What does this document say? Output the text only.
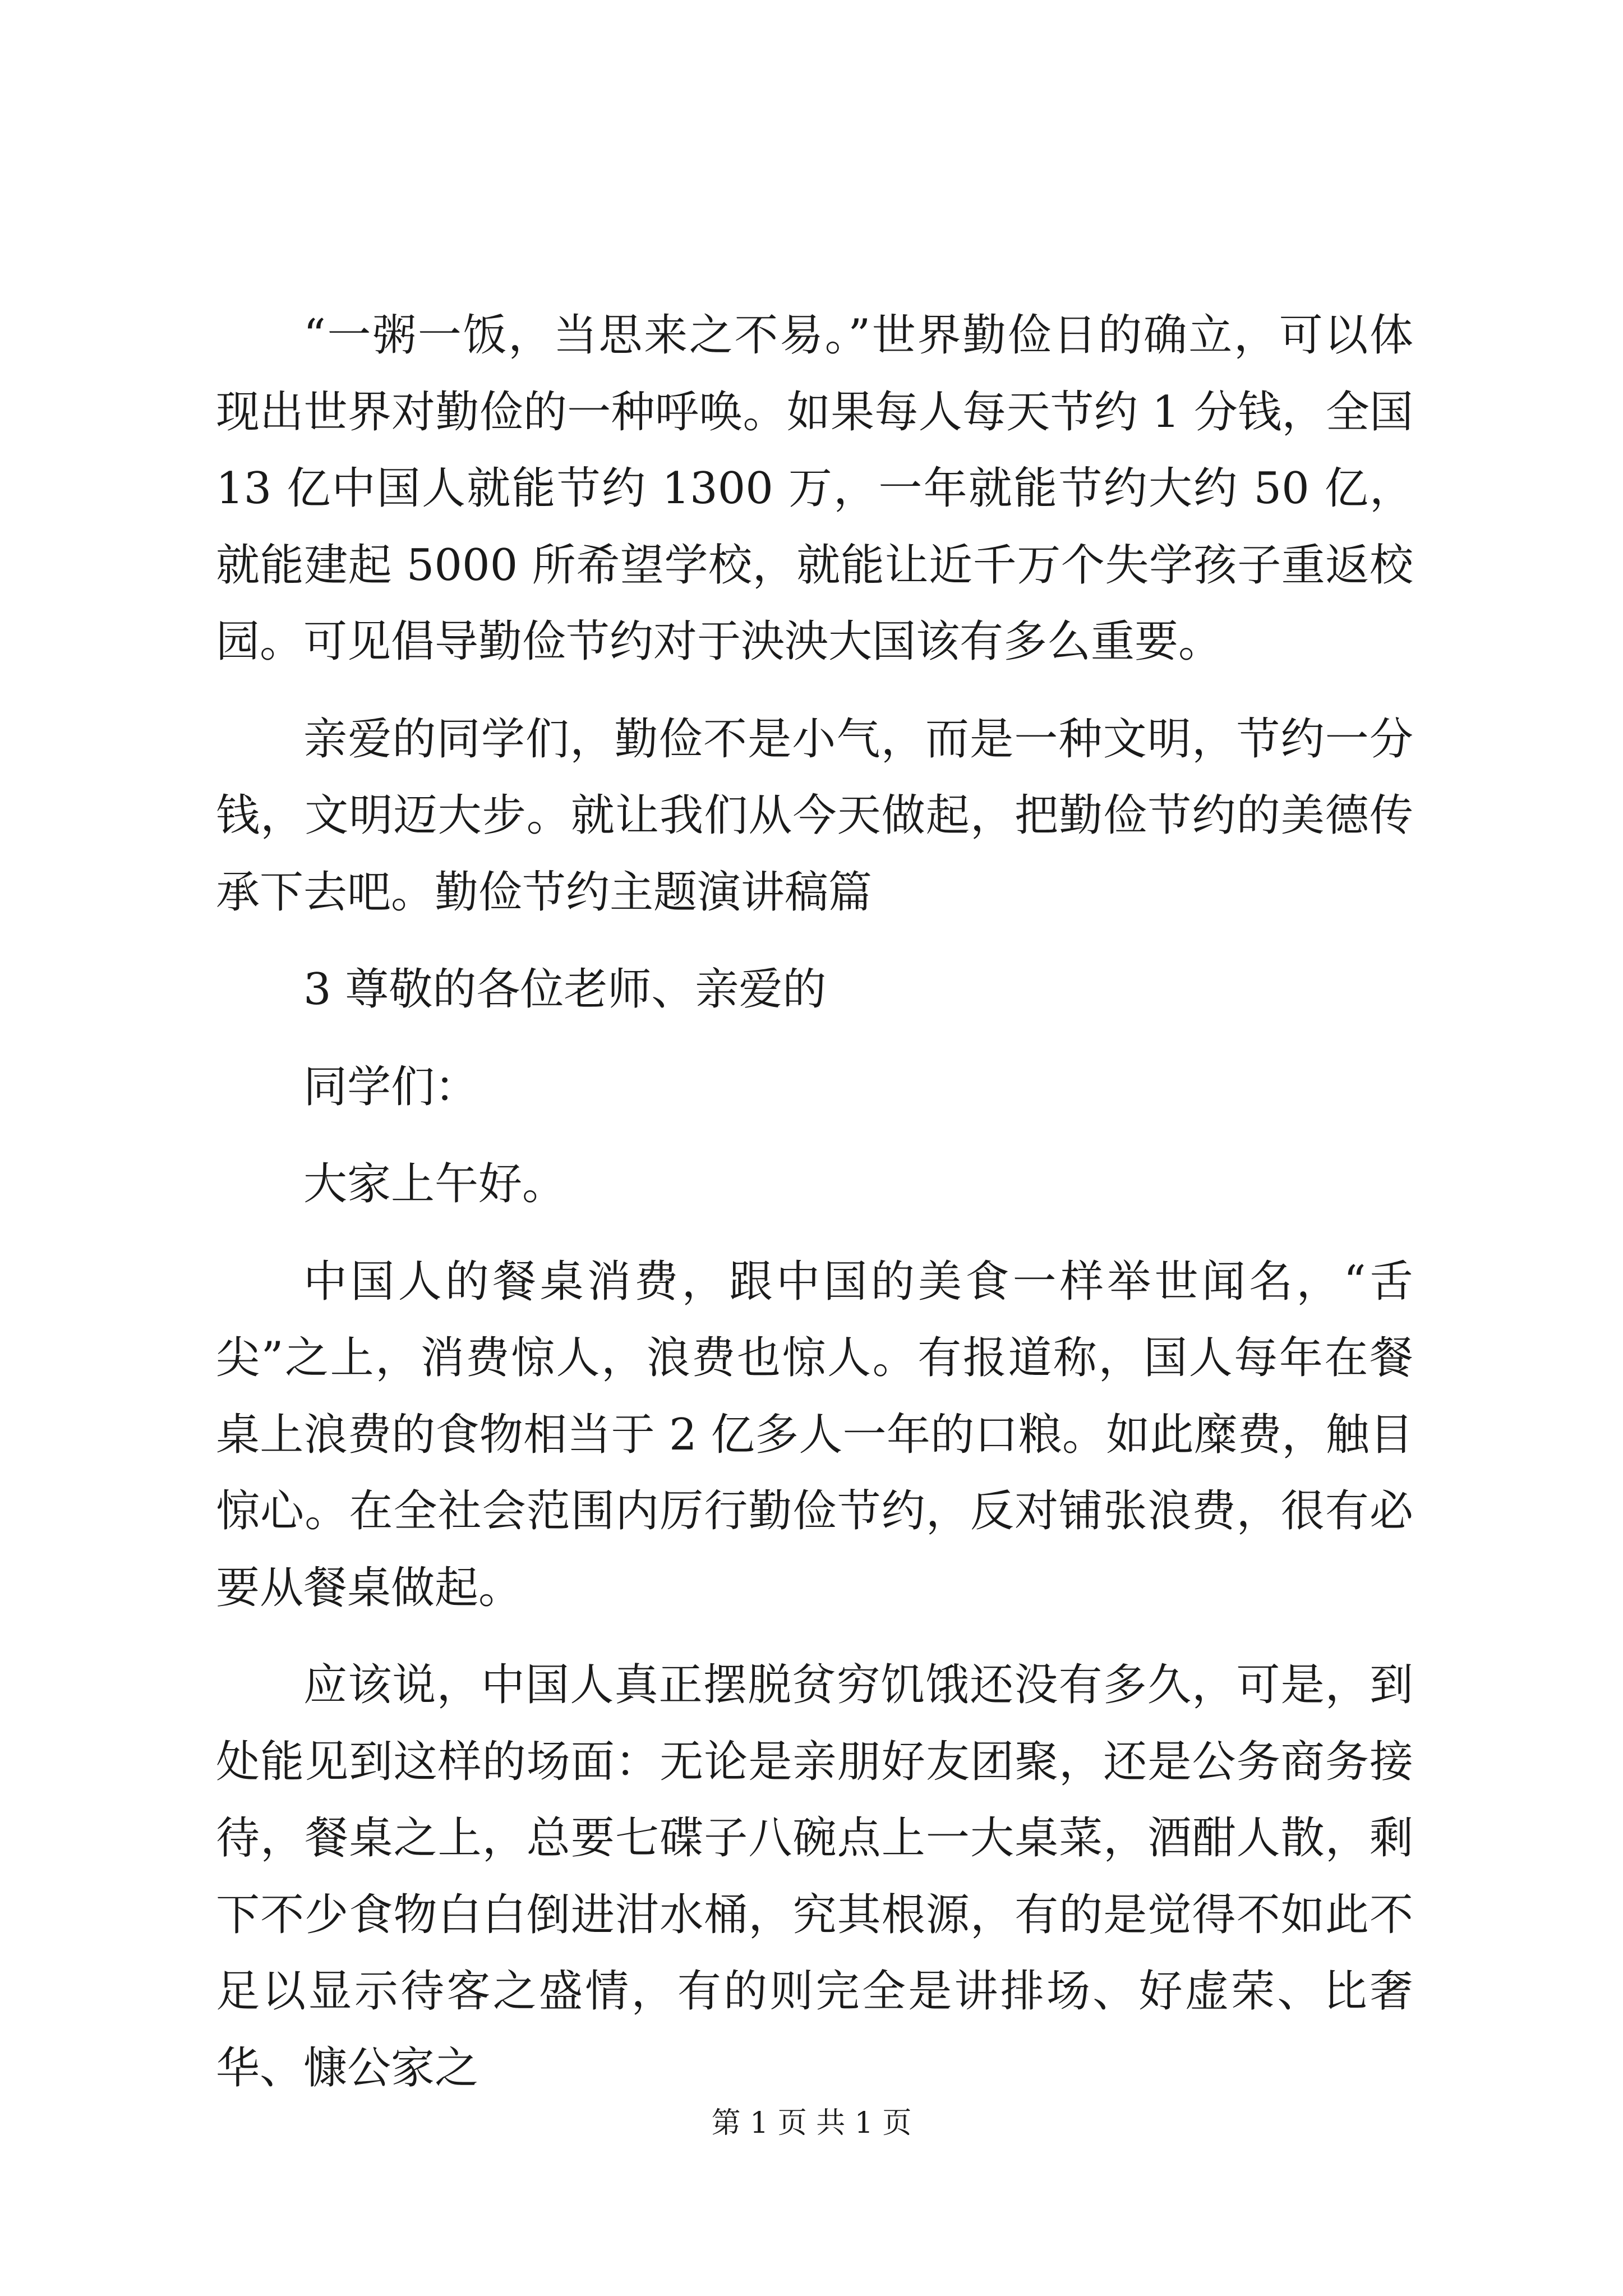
“一粥一饭，当思来之不易。”世界勤俭日的确立，可以体现出世界对勤俭的一种呼唤。如果每人每天节约 1 分钱，全国 13 亿中国人就能节约 1300 万，一年就能节约大约 50 亿，就能建起 5000 所希望学校，就能让近千万个失学孩子重返校园。可见倡导勤俭节约对于泱泱大国该有多么重要。

亲爱的同学们，勤俭不是小气，而是一种文明，节约一分钱，文明迈大步。就让我们从今天做起，把勤俭节约的美德传承下去吧。勤俭节约主题演讲稿篇

3 尊敬的各位老师、亲爱的

同学们：

大家上午好。

中国人的餐桌消费，跟中国的美食一样举世闻名，“舌尖”之上，消费惊人，浪费也惊人。有报道称，国人每年在餐桌上浪费的食物相当于 2 亿多人一年的口粮。如此糜费，触目惊心。在全社会范围内厉行勤俭节约，反对铺张浪费，很有必要从餐桌做起。

应该说，中国人真正摆脱贫穷饥饿还没有多久，可是，到处能见到这样的场面：无论是亲朋好友团聚，还是公务商务接待，餐桌之上，总要七碟子八碗点上一大桌菜，酒酣人散，剩下不少食物白白倒进泔水桶，究其根源，有的是觉得不如此不足以显示待客之盛情，有的则完全是讲排场、好虚荣、比奢华、慷公家之

第 1 页 共 1 页
